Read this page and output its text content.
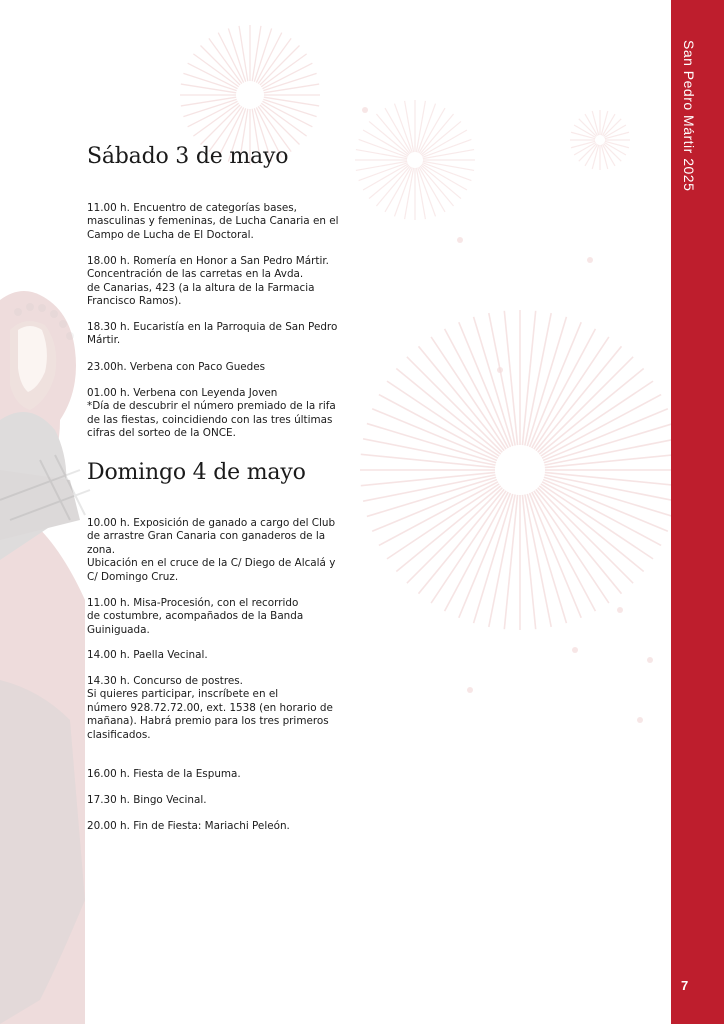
San Pedro Mártir 2025
7
Sábado 3 de mayo

11.00 h. Encuentro de categorías bases,

masculinas y femeninas, de Lucha Canaria en el

Campo de Lucha de El Doctoral.

18.00 h. Romería en Honor a San Pedro Mártir.

Concentración de las carretas en la Avda.

de Canarias, 423 (a la altura de la Farmacia

Francisco Ramos).

18.30 h. Eucaristía en la Parroquia de San Pedro

Mártir.

23.00h. Verbena con Paco Guedes

01.00 h. Verbena con Leyenda Joven

*Día de descubrir el número premiado de la rifa

de las fiestas, coincidiendo con las tres últimas

cifras del sorteo de la ONCE.

Domingo 4 de mayo

10.00 h. Exposición de ganado a cargo del Club

de arrastre Gran Canaria con ganaderos de la

zona.

Ubicación en el cruce de la C/ Diego de Alcalá y

C/ Domingo Cruz.

11.00 h. Misa-Procesión, con el recorrido

de costumbre, acompañados de la Banda

Guiniguada.

14.00 h. Paella Vecinal.

14.30 h. Concurso de postres.

Si quieres participar, inscríbete en el

número 928.72.72.00, ext. 1538 (en horario de

mañana). Habrá premio para los tres primeros

clasificados.

16.00 h. Fiesta de la Espuma.

17.30 h. Bingo Vecinal.

20.00 h. Fin de Fiesta: Mariachi Peleón.
